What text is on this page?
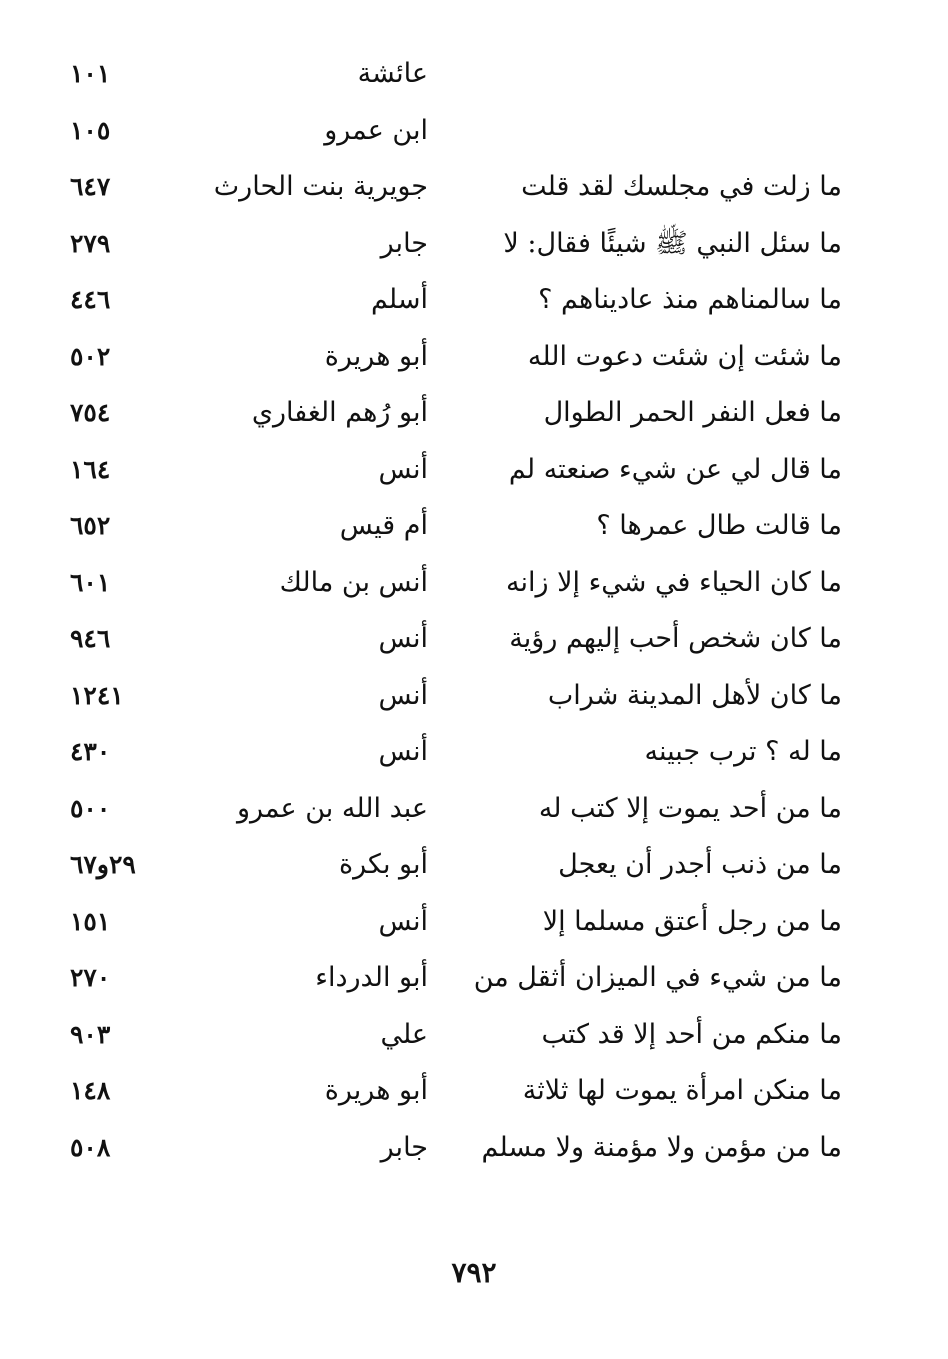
عائشة
١٠١
ابن عمرو
١٠٥
ما زلت في مجلسك لقد قلت
جويرية بنت الحارث
٦٤٧
ما سئل النبي ﷺ شيئًا فقال: لا
جابر
٢٧٩
ما سالمناهم منذ عاديناهم ؟
أسلم
٤٤٦
ما شئت إن شئت دعوت الله
أبو هريرة
٥٠٢
ما فعل النفر الحمر الطوال
أبو رُهم الغفاري
٧٥٤
ما قال لي عن شيء صنعته لم
أنس
١٦٤
ما قالت طال عمرها ؟
أم قيس
٦٥٢
ما كان الحياء في شيء إلا زانه
أنس بن مالك
٦٠١
ما كان شخص أحب إليهم رؤية
أنس
٩٤٦
ما كان لأهل المدينة شراب
أنس
١٢٤١
ما له ؟ ترب جبينه
أنس
٤٣٠
ما من أحد يموت إلا كتب له
عبد الله بن عمرو
٥٠٠
ما من ذنب أجدر أن يعجل
أبو بكرة
٢٩و٦٧
ما من رجل أعتق مسلما إلا
أنس
١٥١
ما من شيء في الميزان أثقل من
أبو الدرداء
٢٧٠
ما منكم من أحد إلا قد كتب
علي
٩٠٣
ما منكن امرأة يموت لها ثلاثة
أبو هريرة
١٤٨
ما من مؤمن ولا مؤمنة ولا مسلم
جابر
٥٠٨
٧٩٢
